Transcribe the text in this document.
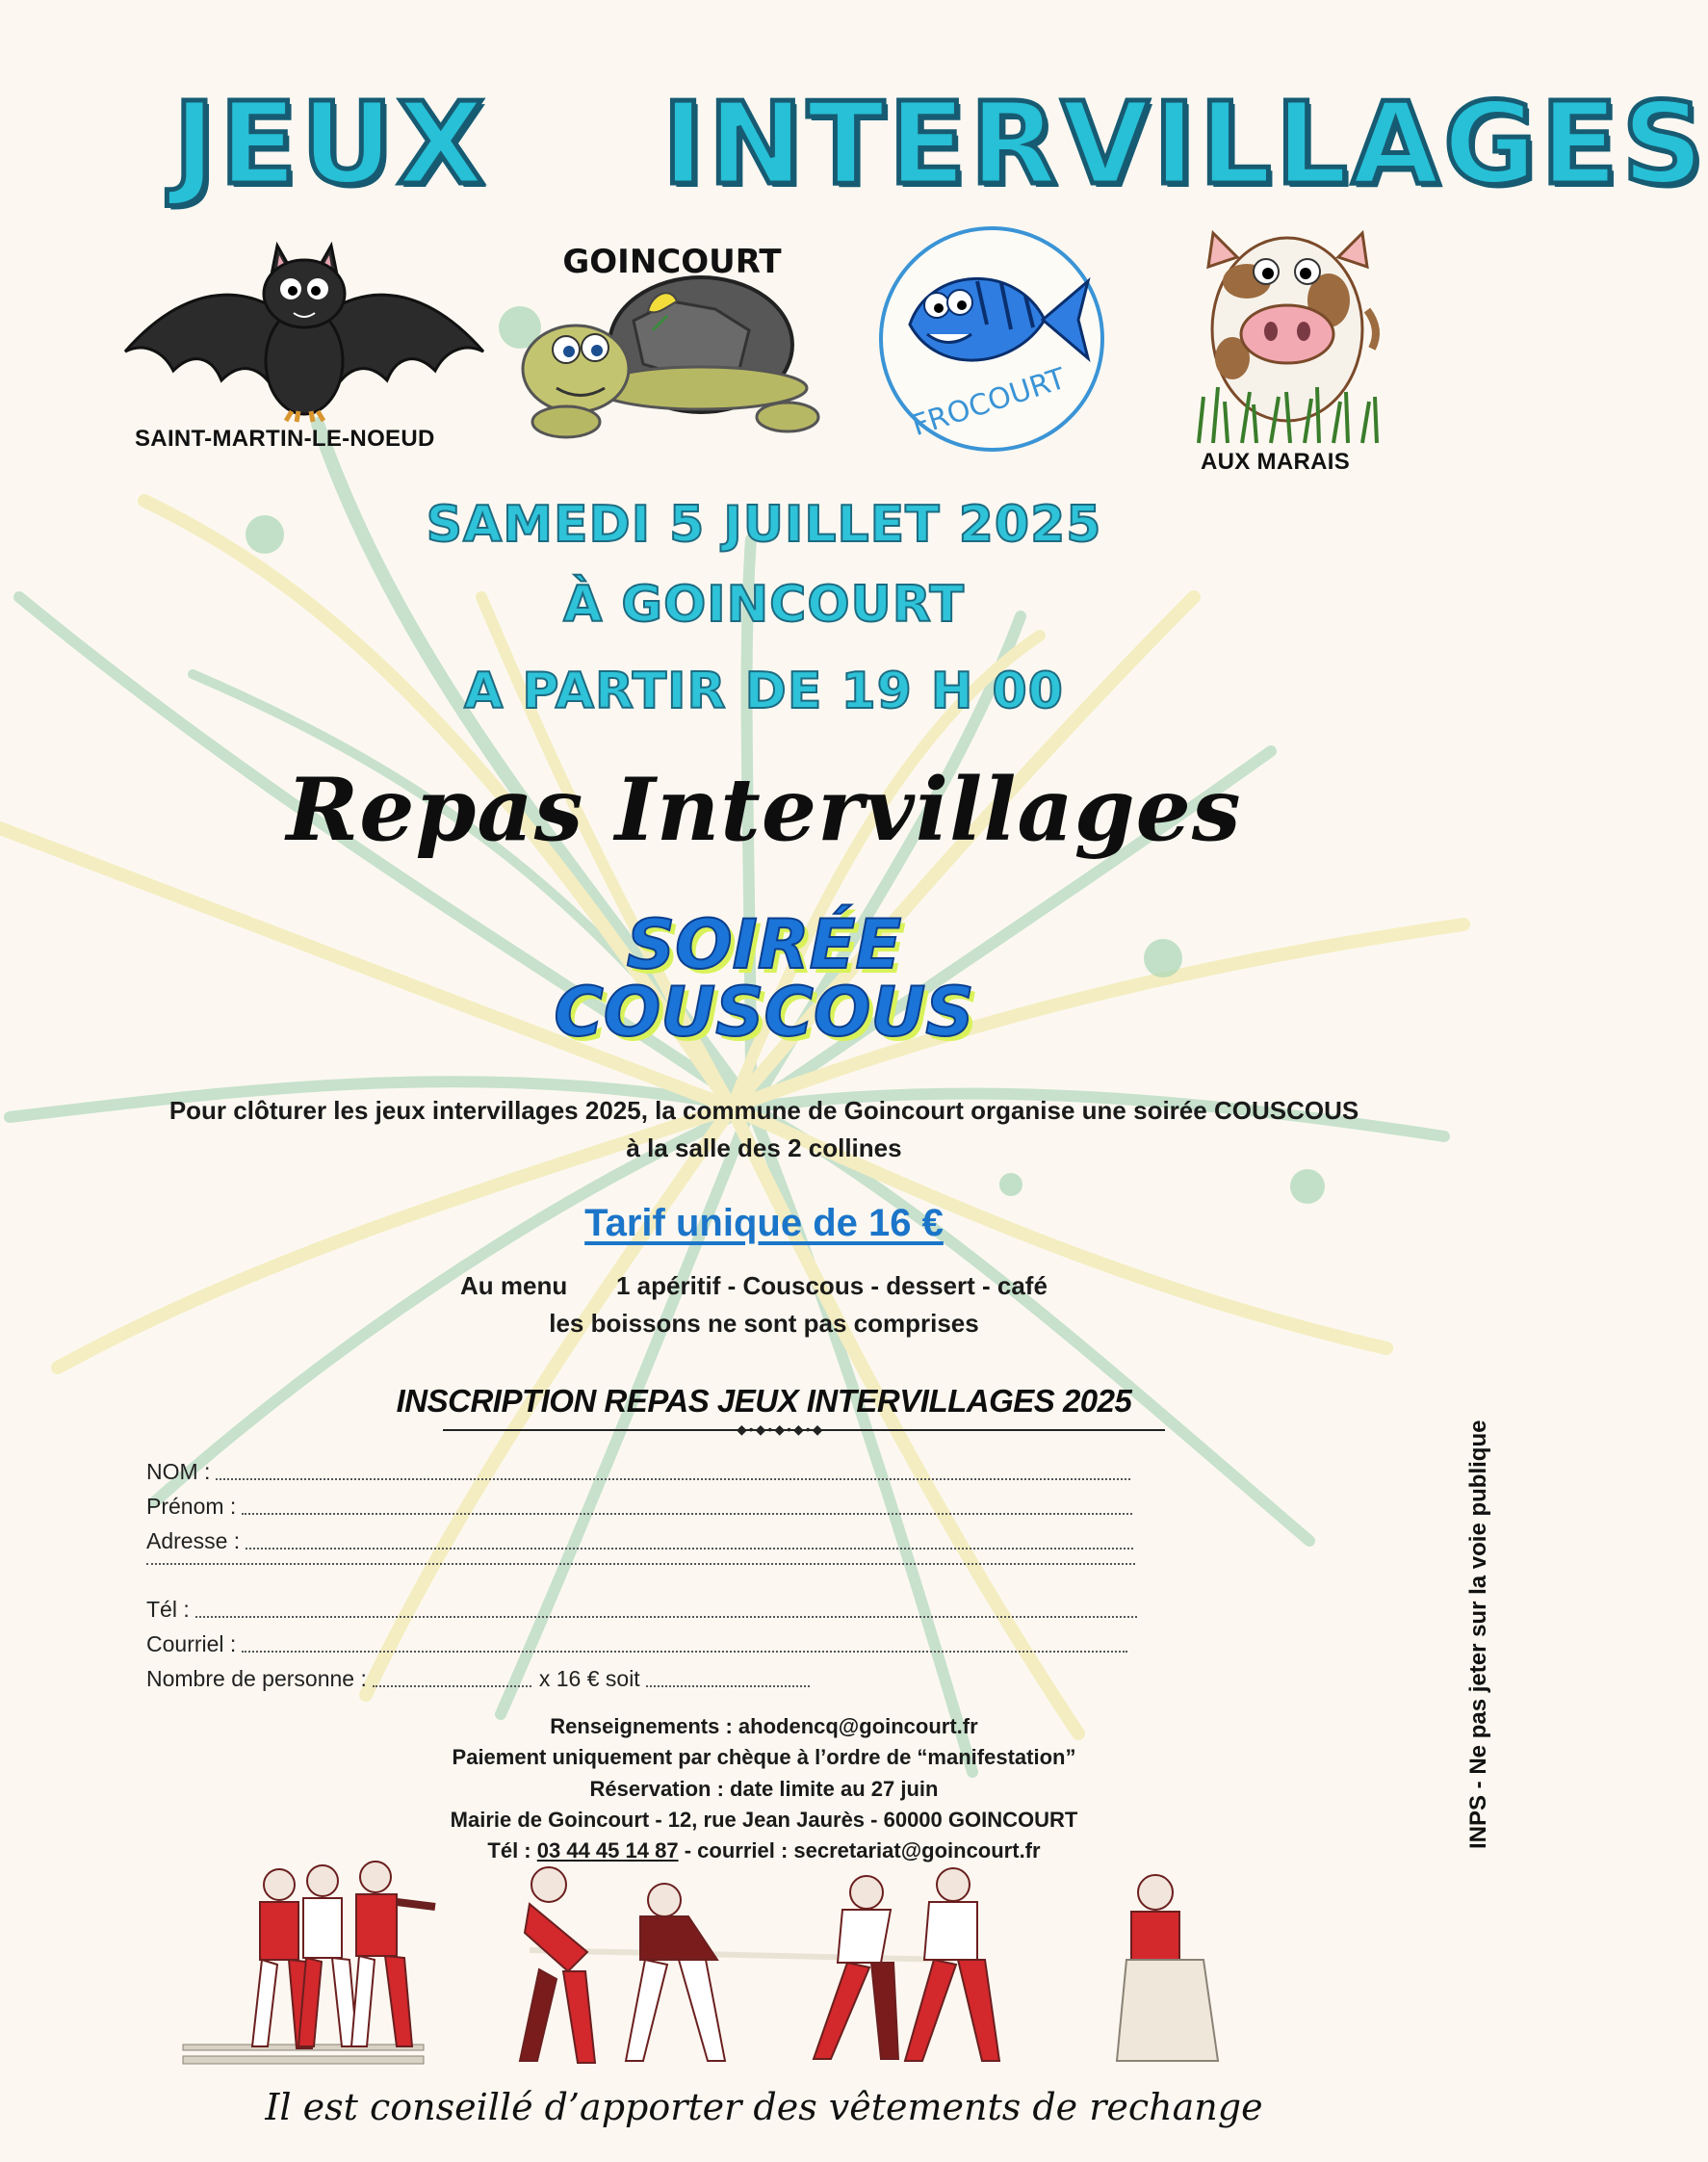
JEUX    INTERVILLAGES
SAINT-MARTIN-LE-NOEUD
GOINCOURT
FROCOURT
AUX MARAIS
SAMEDI 5 JUILLET 2025
À GOINCOURT
A PARTIR DE 19 H 00
Repas Intervillages
SOIRÉE
COUSCOUS
Pour clôturer les jeux intervillages 2025, la commune de Goincourt organise une soirée COUSCOUS
à la salle des 2 collines
Tarif unique de 16 €
Au menu 1 apéritif - Couscous - dessert - café
les boissons ne sont pas comprises
INSCRIPTION REPAS JEUX INTERVILLAGES 2025
◆•◆•◆•◆•◆
NOM :
Prénom :
Adresse :
Tél :
Courriel :
Nombre de personne :	x 16 € soit
Renseignements : ahodencq@goincourt.fr
Paiement uniquement par chèque à l’ordre de “manifestation”
Réservation : date limite au 27 juin
Mairie de Goincourt - 12, rue Jean Jaurès - 60000 GOINCOURT
Tél : 03 44 45 14 87 - courriel : secretariat@goincourt.fr
Il est conseillé d’apporter des vêtements de rechange
INPS - Ne pas jeter sur la voie publique
